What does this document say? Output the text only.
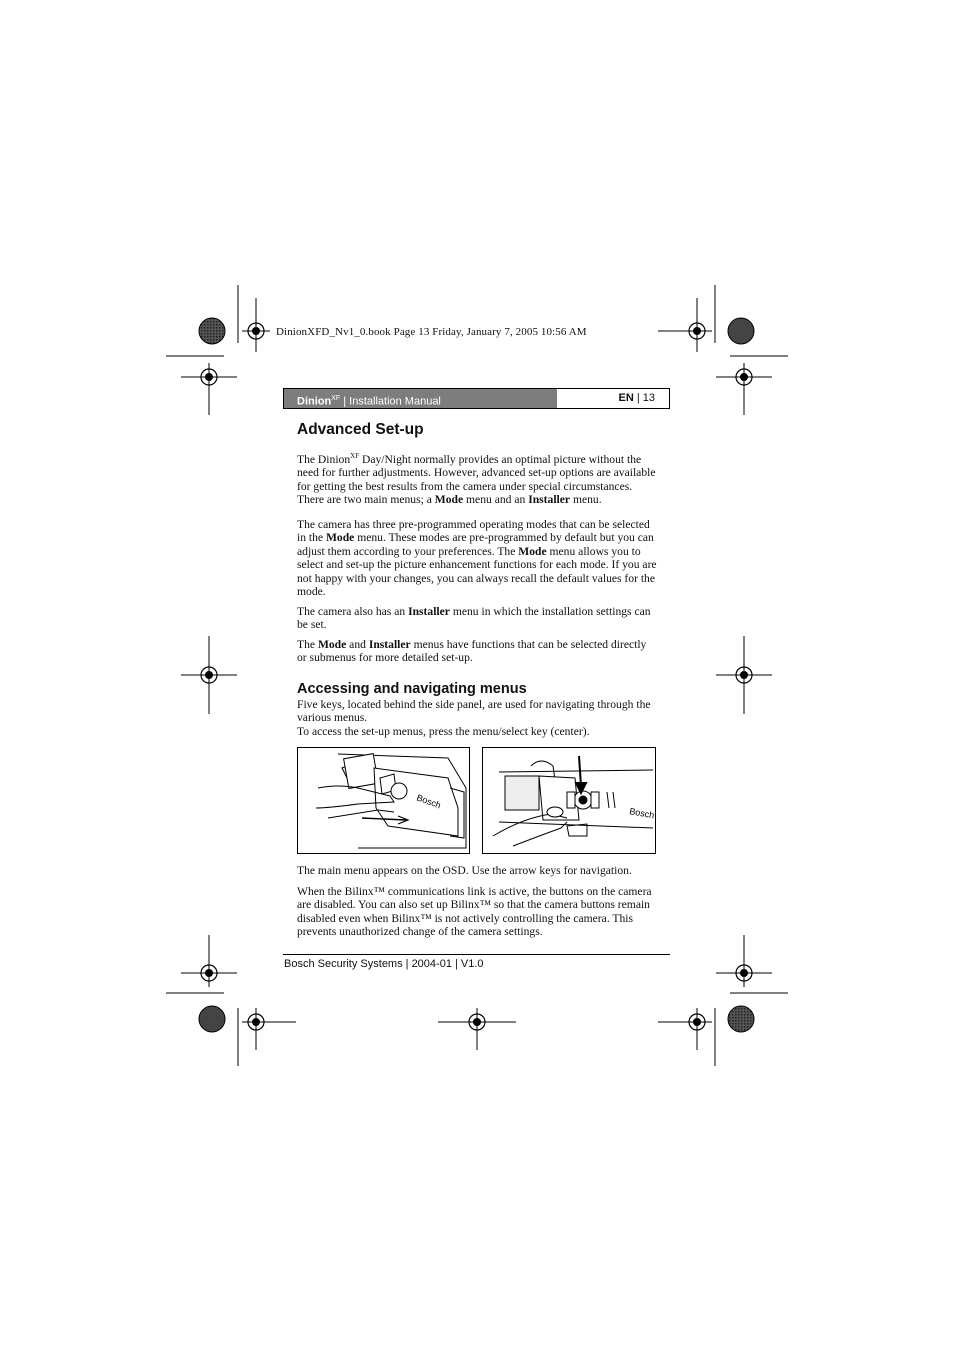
DinionXFD_Nv1_0.book Page 13 Friday, January 7, 2005 10:56 AM
Dinion$^{XF}$ | Installation Manual	EN | 13
Advanced Set-up

The Dinion$^{XF}$ Day/Night normally provides an optimal picture without the need for further adjustments. However, advanced set-up options are available for getting the best results from the camera under special circumstances. There are two main menus; a Mode menu and an Installer menu.

The camera has three pre-programmed operating modes that can be selected in the Mode menu. These modes are pre-programmed by default but you can adjust them according to your preferences. The Mode menu allows you to select and set-up the picture enhancement functions for each mode. If you are not happy with your changes, you can always recall the default values for the mode.

The camera also has an Installer menu in which the installation settings can be set.

The Mode and Installer menus have functions that can be selected directly or submenus for more detailed set-up.

Accessing and navigating menus

Five keys, located behind the side panel, are used for navigating through the various menus.

To access the set-up menus, press the menu/select key (center).

Bosch
Bosch

The main menu appears on the OSD. Use the arrow keys for navigation.

When the Bilinx™ communications link is active, the buttons on the camera are disabled. You can also set up Bilinx™ so that the camera buttons remain disabled even when Bilinx™ is not actively controlling the camera. This prevents unauthorized change of the camera settings.

Bosch Security Systems | 2004-01 | V1.0
